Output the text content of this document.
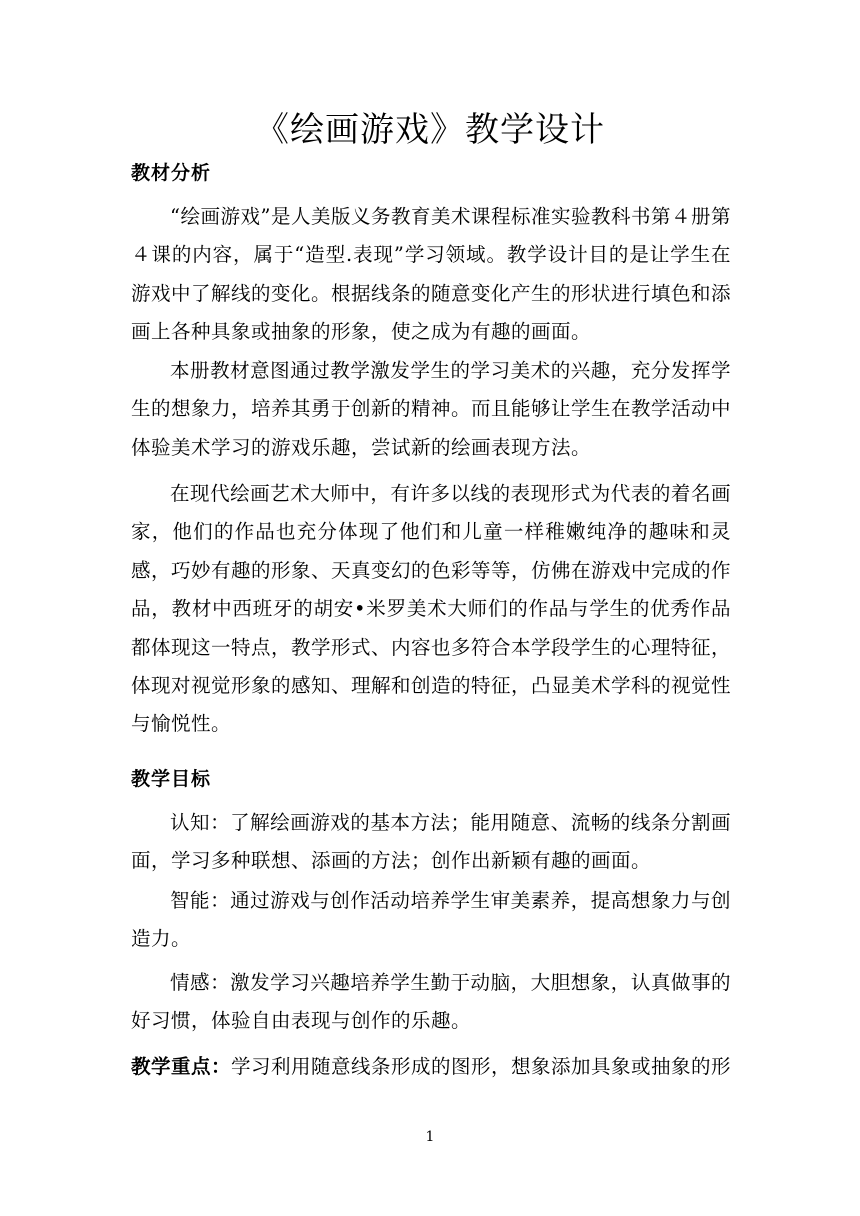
《绘画游戏》教学设计
教材分析
“绘画游戏”是人美版义务教育美术课程标准实验教科书第４册第４课的内容，属于“造型.表现”学习领域。教学设计目的是让学生在游戏中了解线的变化。根据线条的随意变化产生的形状进行填色和添画上各种具象或抽象的形象，使之成为有趣的画面。
本册教材意图通过教学激发学生的学习美术的兴趣，充分发挥学生的想象力，培养其勇于创新的精神。而且能够让学生在教学活动中体验美术学习的游戏乐趣，尝试新的绘画表现方法。
在现代绘画艺术大师中，有许多以线的表现形式为代表的着名画家，他们的作品也充分体现了他们和儿童一样稚嫩纯净的趣味和灵感，巧妙有趣的形象、天真变幻的色彩等等，仿佛在游戏中完成的作品，教材中西班牙的胡安•米罗美术大师们的作品与学生的优秀作品都体现这一特点，教学形式、内容也多符合本学段学生的心理特征，体现对视觉形象的感知、理解和创造的特征，凸显美术学科的视觉性与愉悦性。
教学目标
认知：了解绘画游戏的基本方法；能用随意、流畅的线条分割画面，学习多种联想、添画的方法；创作出新颖有趣的画面。
智能：通过游戏与创作活动培养学生审美素养，提高想象力与创造力。
情感：激发学习兴趣培养学生勤于动脑，大胆想象，认真做事的好习惯，体验自由表现与创作的乐趣。
教学重点：学习利用随意线条形成的图形，想象添加具象或抽象的形
1
